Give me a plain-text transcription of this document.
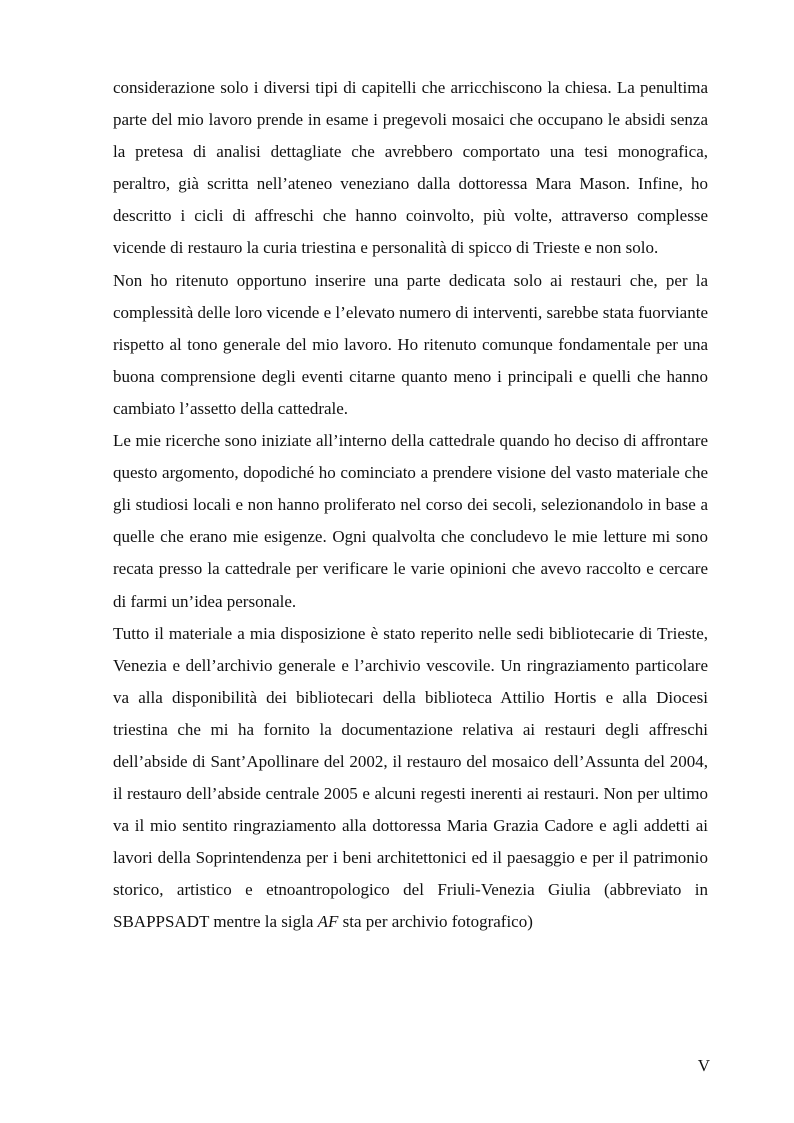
considerazione solo i diversi tipi di capitelli che arricchiscono la chiesa. La penultima parte del mio lavoro prende in esame i pregevoli mosaici che occupano le absidi senza la pretesa di analisi dettagliate che avrebbero comportato una tesi monografica, peraltro, già scritta nell’ateneo veneziano dalla dottoressa Mara Mason. Infine, ho descritto i cicli di affreschi che hanno coinvolto, più volte, attraverso complesse vicende di restauro la curia triestina e personalità di spicco di Trieste e non solo.

Non ho ritenuto opportuno inserire una parte dedicata solo ai restauri che, per la complessità delle loro vicende e l’elevato numero di interventi, sarebbe stata fuorviante rispetto al tono generale del mio lavoro. Ho ritenuto comunque fondamentale per una buona comprensione degli eventi citarne quanto meno i principali e quelli che hanno cambiato l’assetto della cattedrale.

Le mie ricerche sono iniziate all’interno della cattedrale quando ho deciso di affrontare questo argomento, dopodiché ho cominciato a prendere visione del vasto materiale che gli studiosi locali e non hanno proliferato nel corso dei secoli, selezionandolo in base a quelle che erano mie esigenze. Ogni qualvolta che concludevo le mie letture mi sono recata presso la cattedrale per verificare le varie opinioni che avevo raccolto e cercare di farmi un’idea personale.

Tutto il materiale a mia disposizione è stato reperito nelle sedi bibliotecarie di Trieste, Venezia e dell’archivio generale e l’archivio vescovile. Un ringraziamento particolare va alla disponibilità dei bibliotecari della biblioteca Attilio Hortis e alla Diocesi triestina che mi ha fornito la documentazione relativa ai restauri degli affreschi dell’abside di Sant’Apollinare del 2002, il restauro del mosaico dell’Assunta del 2004, il restauro dell’abside centrale 2005 e alcuni regesti inerenti ai restauri. Non per ultimo va il mio sentito ringraziamento alla dottoressa Maria Grazia Cadore e agli addetti ai lavori della Soprintendenza per i beni architettonici ed il paesaggio e per il patrimonio storico, artistico e etnoantropologico del Friuli-Venezia Giulia (abbreviato in SBAPPSADT mentre la sigla AF sta per archivio fotografico)

V
